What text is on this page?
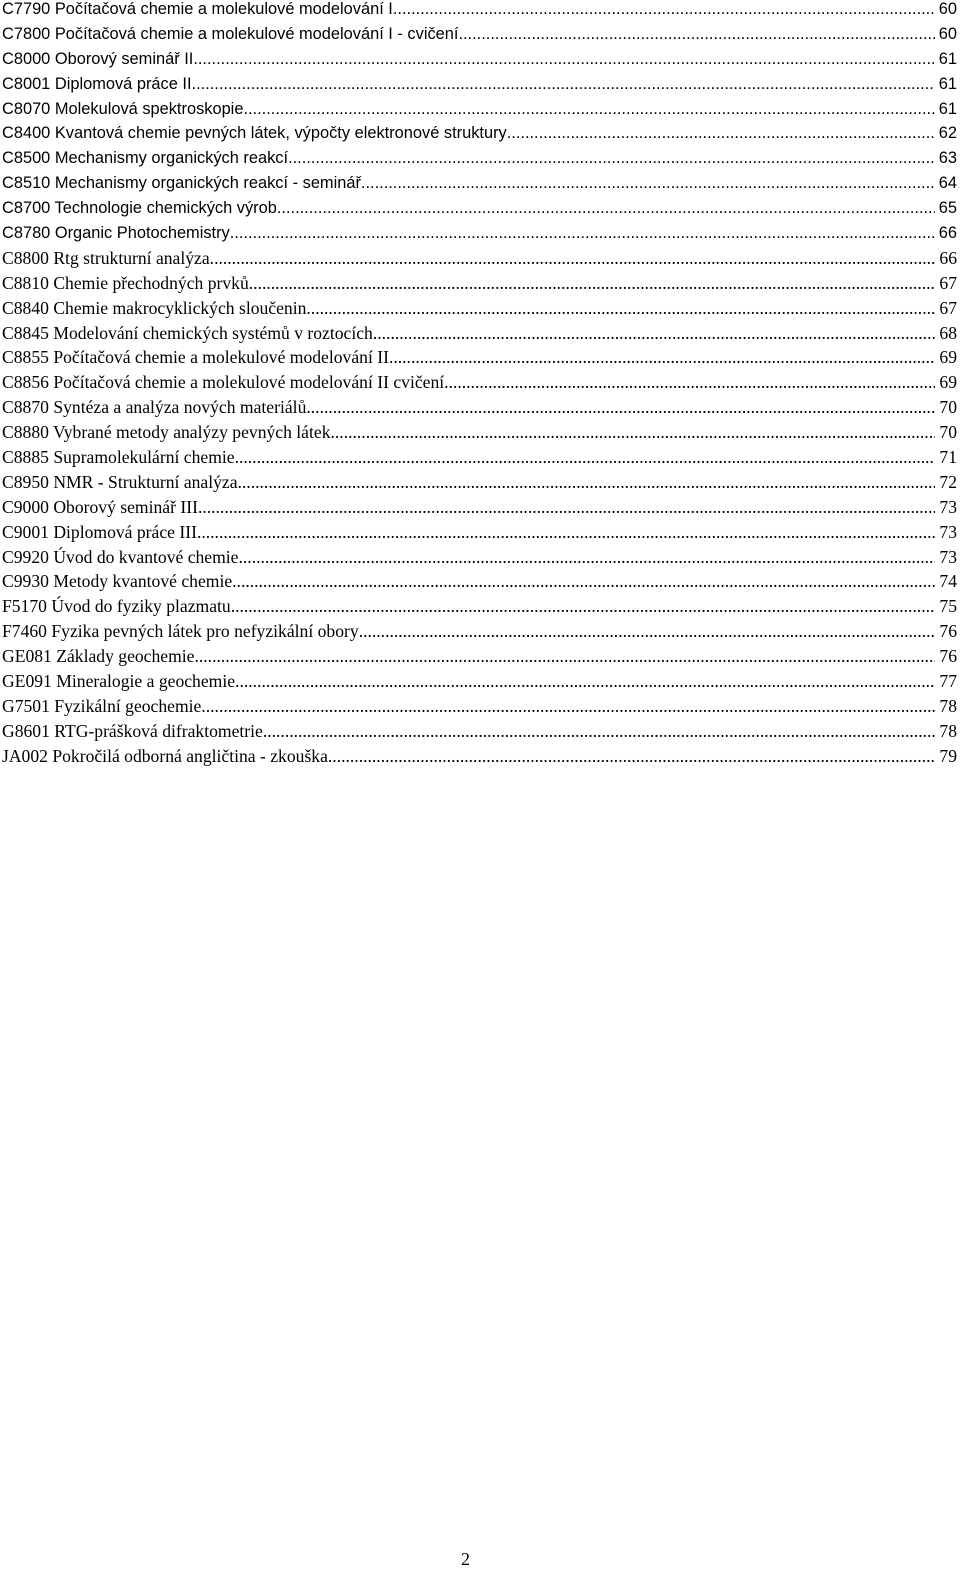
C7790 Počítačová chemie a molekulové modelování I .....	60
C7800 Počítačová chemie a molekulové modelování I - cvičení .....	60
C8000 Oborový seminář II .....	61
C8001 Diplomová práce II .....	61
C8070 Molekulová spektroskopie .....	61
C8400 Kvantová chemie pevných látek, výpočty elektronové struktury .....	62
C8500 Mechanismy organických reakcí .....	63
C8510 Mechanismy organických reakcí - seminář .....	64
C8700 Technologie chemických výrob .....	65
C8780 Organic Photochemistry .....	66
C8800 Rtg strukturní analýza .....	66
C8810 Chemie přechodných prvků .....	67
C8840 Chemie makrocyklických sloučenin .....	67
C8845 Modelování chemických systémů v roztocích .....	68
C8855 Počítačová chemie a molekulové modelování II .....	69
C8856 Počítačová chemie a molekulové modelování II cvičení .....	69
C8870 Syntéza a analýza nových materiálů .....	70
C8880 Vybrané metody analýzy pevných látek .....	70
C8885 Supramolekulární chemie .....	71
C8950 NMR - Strukturní analýza .....	72
C9000 Oborový seminář III .....	73
C9001 Diplomová práce III .....	73
C9920 Úvod do kvantové chemie .....	73
C9930 Metody kvantové chemie .....	74
F5170 Úvod do fyziky plazmatu .....	75
F7460 Fyzika pevných látek pro nefyzikální obory .....	76
GE081 Základy geochemie .....	76
GE091 Mineralogie a geochemie .....	77
G7501 Fyzikální geochemie .....	78
G8601 RTG-prášková difraktometrie .....	78
JA002 Pokročilá odborná angličtina - zkouška .....	79
2
